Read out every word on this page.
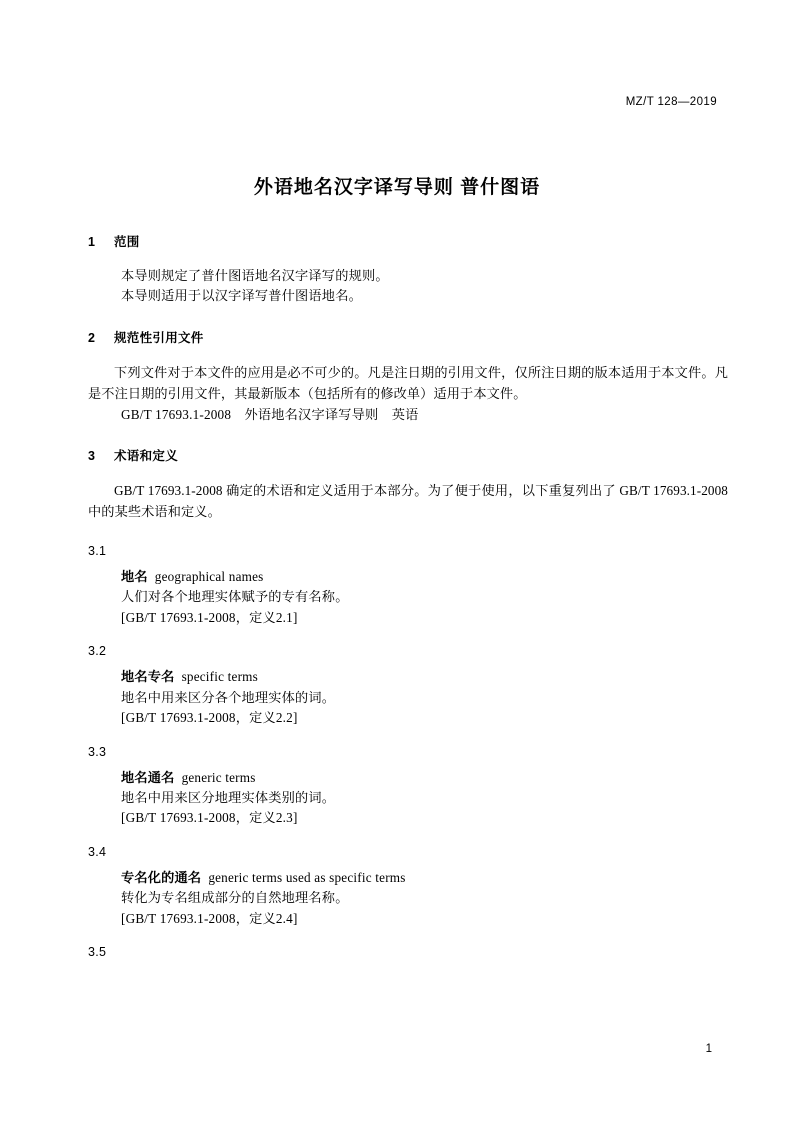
MZ/T 128—2019
外语地名汉字译写导则 普什图语
1 范围
本导则规定了普什图语地名汉字译写的规则。
本导则适用于以汉字译写普什图语地名。
2 规范性引用文件
下列文件对于本文件的应用是必不可少的。凡是注日期的引用文件，仅所注日期的版本适用于本文件。凡是不注日期的引用文件，其最新版本（包括所有的修改单）适用于本文件。
GB/T 17693.1-2008　外语地名汉字译写导则　英语
3 术语和定义
GB/T 17693.1-2008 确定的术语和定义适用于本部分。为了便于使用，以下重复列出了 GB/T 17693.1-2008 中的某些术语和定义。
3.1
地名 geographical names
人们对各个地理实体赋予的专有名称。
[GB/T 17693.1-2008，定义2.1]
3.2
地名专名 specific terms
地名中用来区分各个地理实体的词。
[GB/T 17693.1-2008，定义2.2]
3.3
地名通名 generic terms
地名中用来区分地理实体类别的词。
[GB/T 17693.1-2008，定义2.3]
3.4
专名化的通名 generic terms used as specific terms
转化为专名组成部分的自然地理名称。
[GB/T 17693.1-2008，定义2.4]
3.5
1
